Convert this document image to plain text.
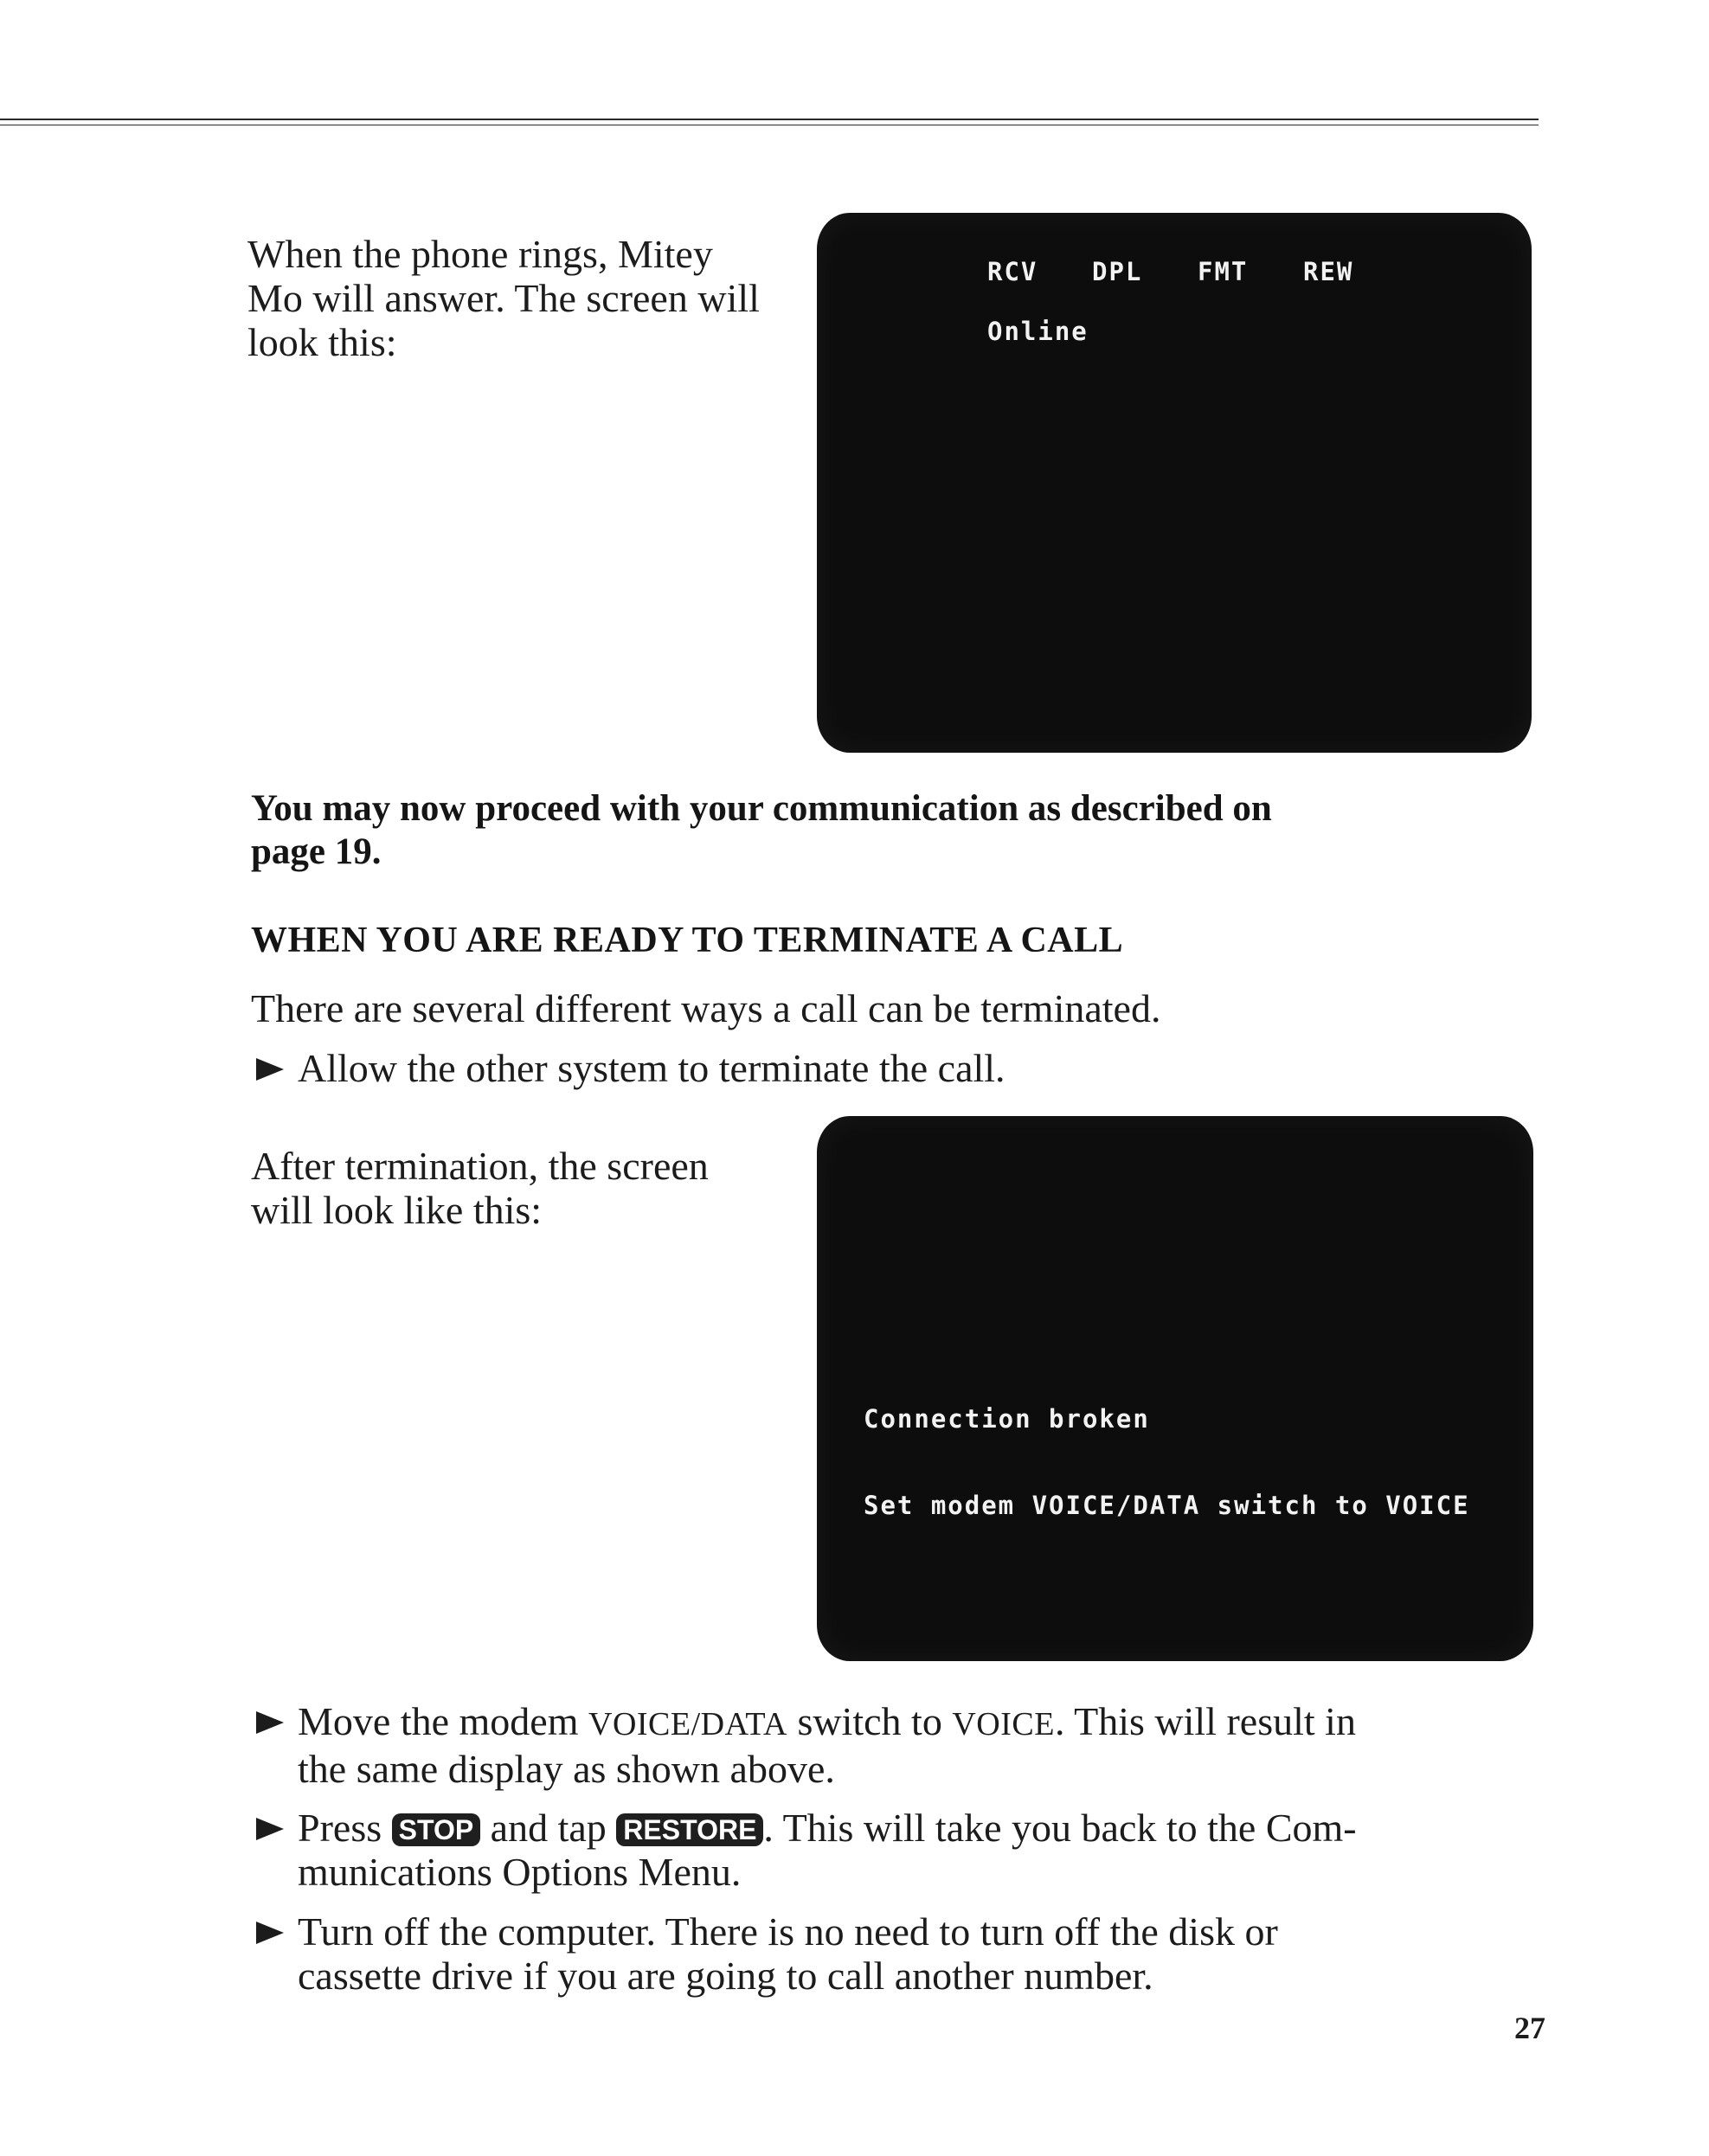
When the phone rings, Mitey
Mo will answer. The screen will
look this:
RCV DPL FMT REW
Online
You may now proceed with your communication as described on
page 19.
WHEN YOU ARE READY TO TERMINATE A CALL
There are several different ways a call can be terminated.
Allow the other system to terminate the call.
After termination, the screen
will look like this:
Connection broken
Set modem VOICE/DATA switch to VOICE
Move the modem VOICE/DATA switch to VOICE. This will result in
the same display as shown above.
Press STOP and tap RESTORE . This will take you back to the Com-
munications Options Menu.
Turn off the computer. There is no need to turn off the disk or
cassette drive if you are going to call another number.
27
